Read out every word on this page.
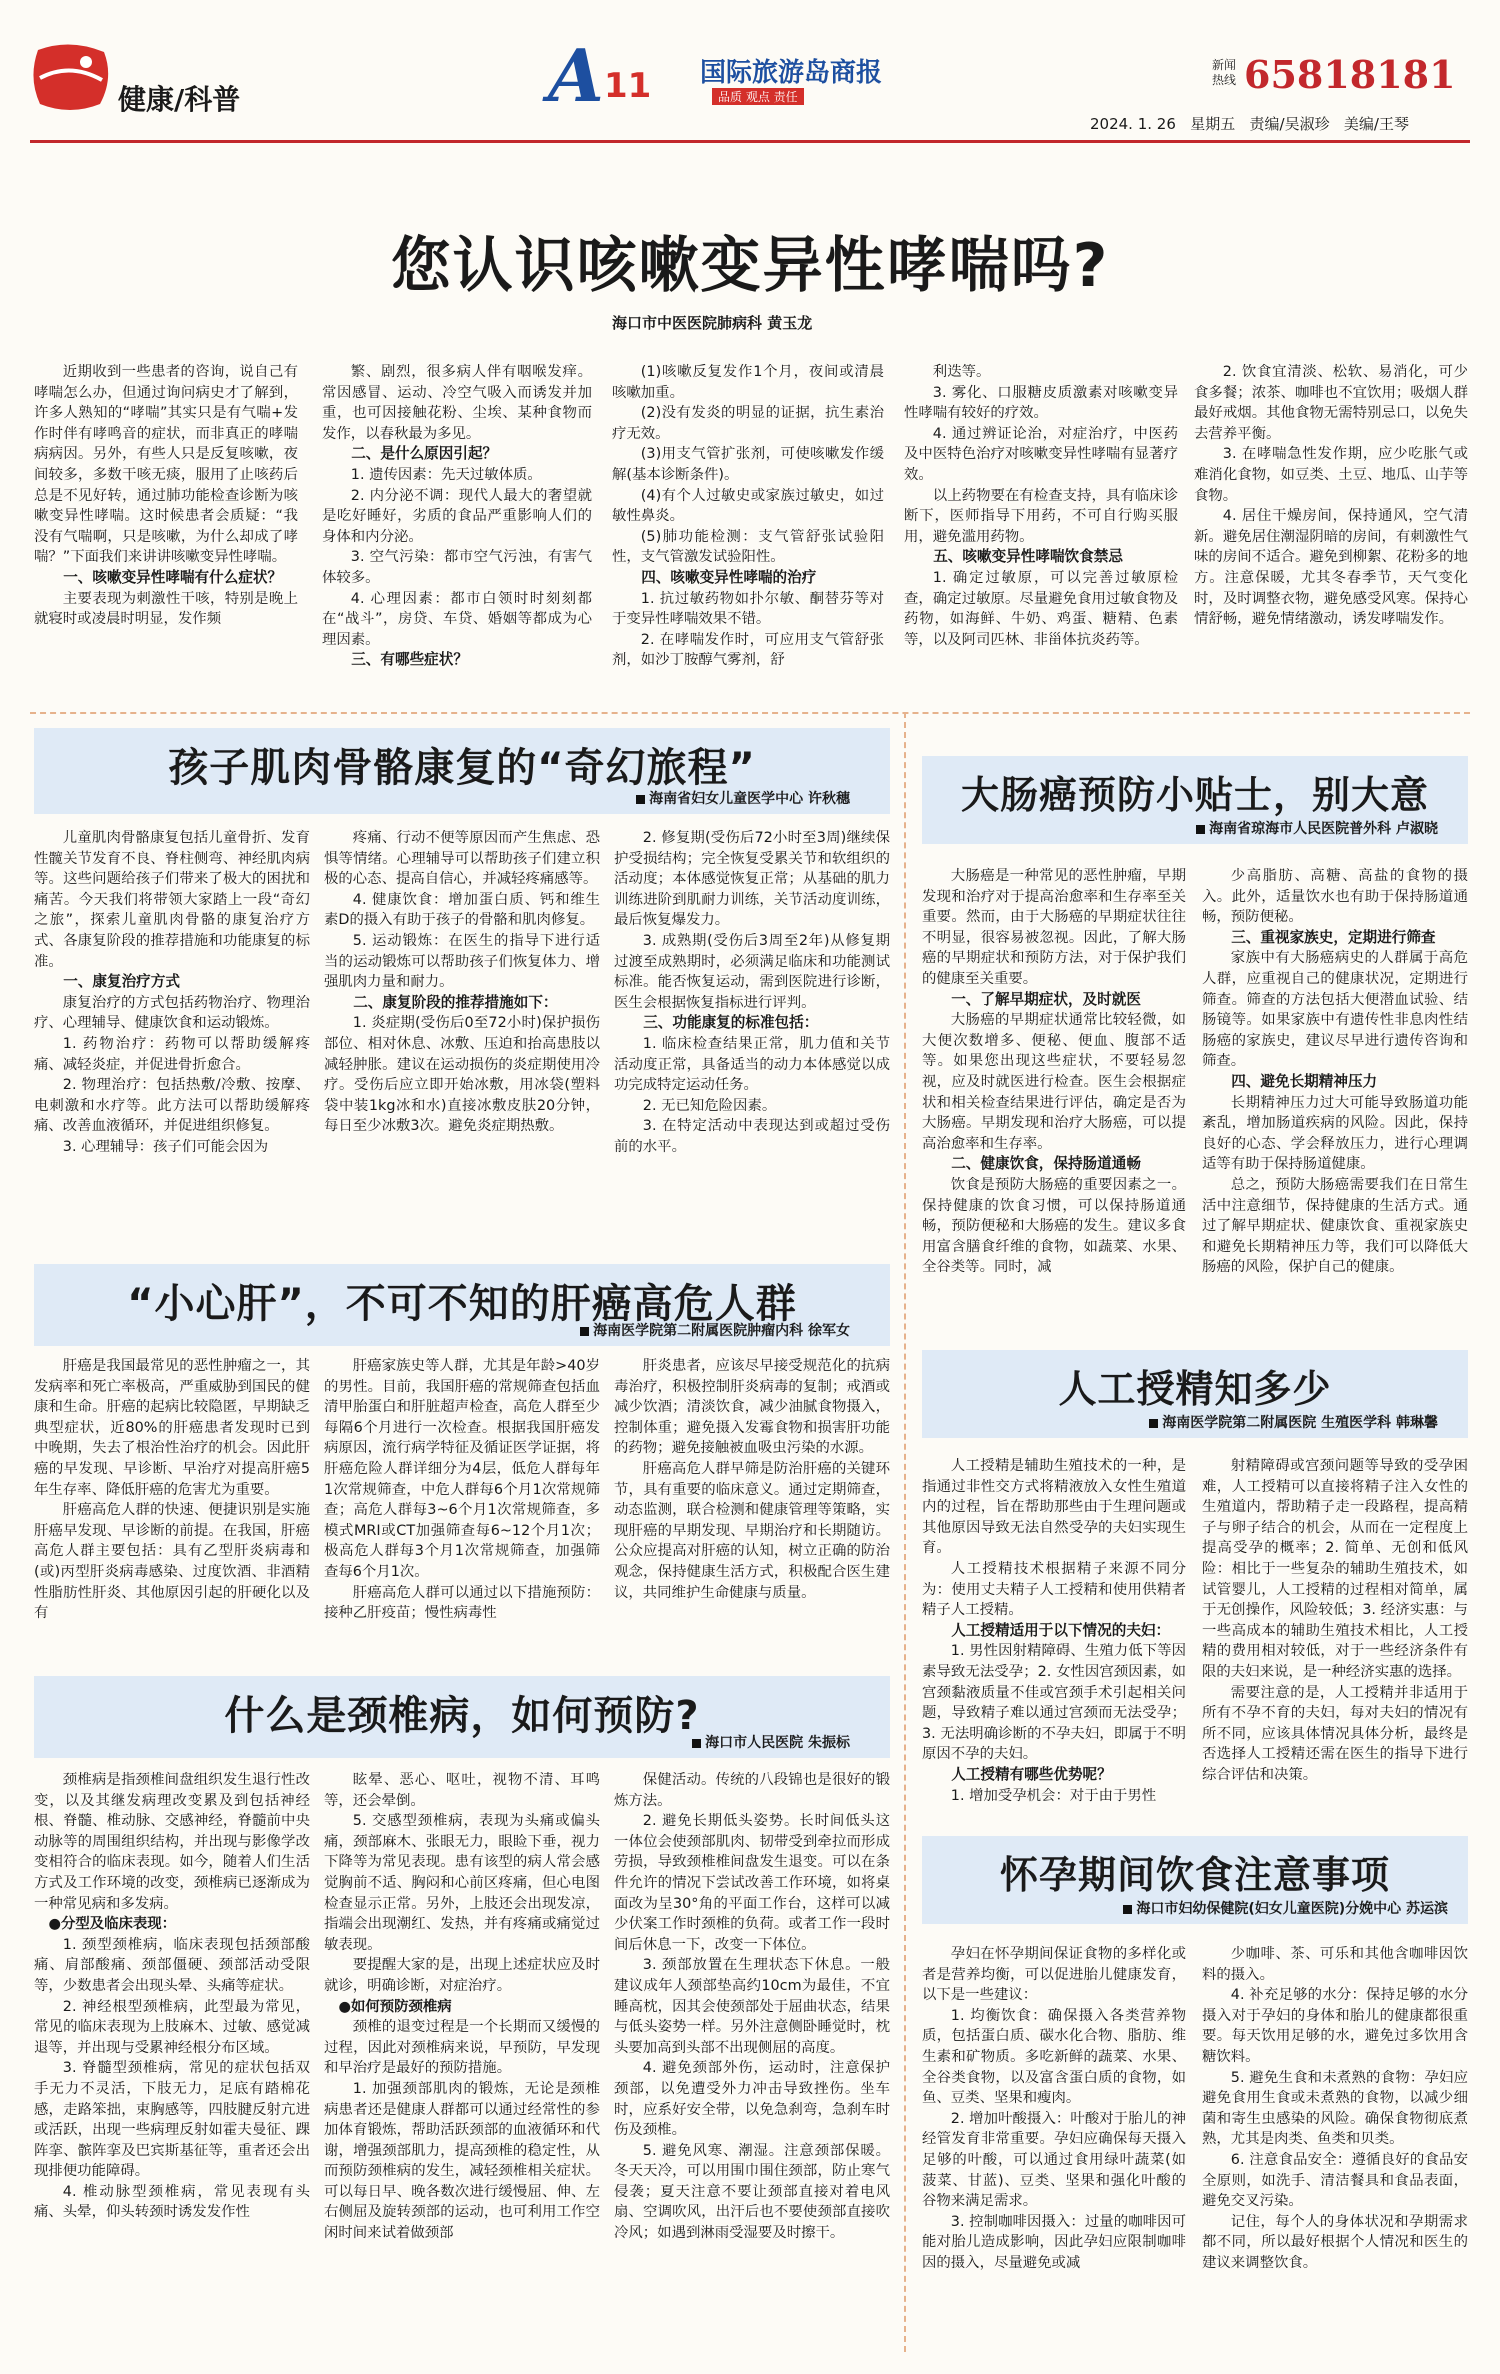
健康/科普	A 11 国际旅游岛商报
品质 观点 责任
新闻
热线 65818181
2024. 1. 26 星期五 责编/吴淑珍 美编/王琴
您认识咳嗽变异性哮喘吗?
海口市中医医院肺病科 黄玉龙

近期收到一些患者的咨询，说自己有哮喘怎么办，但通过询问病史才了解到，许多人熟知的“哮喘”其实只是有气喘+发作时伴有哮鸣音的症状，而非真正的哮喘病病因。另外，有些人只是反复咳嗽，夜间较多，多数干咳无痰，服用了止咳药后总是不见好转，通过肺功能检查诊断为咳嗽变异性哮喘。这时候患者会质疑：“我没有气喘啊，只是咳嗽，为什么却成了哮喘？”下面我们来讲讲咳嗽变异性哮喘。

一、咳嗽变异性哮喘有什么症状？

主要表现为刺激性干咳，特别是晚上就寝时或凌晨时明显，发作频

繁、剧烈，很多病人伴有咽喉发痒。常因感冒、运动、冷空气吸入而诱发并加重，也可因接触花粉、尘埃、某种食物而发作，以春秋最为多见。

二、是什么原因引起？

1. 遗传因素：先天过敏体质。

2. 内分泌不调：现代人最大的奢望就是吃好睡好，劣质的食品严重影响人们的身体和内分泌。

3. 空气污染：都市空气污浊，有害气体较多。

4. 心理因素：都市白领时时刻刻都在“战斗”，房贷、车贷、婚姻等都成为心理因素。

三、有哪些症状？

(1)咳嗽反复发作1个月，夜间或清晨咳嗽加重。

(2)没有发炎的明显的证据，抗生素治疗无效。

(3)用支气管扩张剂，可使咳嗽发作缓解(基本诊断条件)。

(4)有个人过敏史或家族过敏史，如过敏性鼻炎。

(5)肺功能检测：支气管舒张试验阳性，支气管激发试验阳性。

四、咳嗽变异性哮喘的治疗

1. 抗过敏药物如扑尔敏、酮替芬等对于变异性哮喘效果不错。

2. 在哮喘发作时，可应用支气管舒张剂，如沙丁胺醇气雾剂，舒

利迭等。

3. 雾化、口服糖皮质激素对咳嗽变异性哮喘有较好的疗效。

4. 通过辨证论治，对症治疗，中医药及中医特色治疗对咳嗽变异性哮喘有显著疗效。

以上药物要在有检查支持，具有临床诊断下，医师指导下用药，不可自行购买服用，避免滥用药物。

五、咳嗽变异性哮喘饮食禁忌

1. 确定过敏原，可以完善过敏原检查，确定过敏原。尽量避免食用过敏食物及药物，如海鲜、牛奶、鸡蛋、糖精、色素等，以及阿司匹林、非甾体抗炎药等。

2. 饮食宜清淡、松软、易消化，可少食多餐；浓茶、咖啡也不宜饮用；吸烟人群最好戒烟。其他食物无需特别忌口，以免失去营养平衡。

3. 在哮喘急性发作期，应少吃胀气或难消化食物，如豆类、土豆、地瓜、山芋等食物。

4. 居住干燥房间，保持通风，空气清新。避免居住潮湿阴暗的房间，有刺激性气味的房间不适合。避免到柳絮、花粉多的地方。注意保暖，尤其冬春季节，天气变化时，及时调整衣物，避免感受风寒。保持心情舒畅，避免情绪激动，诱发哮喘发作。

孩子肌肉骨骼康复的“奇幻旅程”
海南省妇女儿童医学中心 许秋穗

儿童肌肉骨骼康复包括儿童骨折、发育性髋关节发育不良、脊柱侧弯、神经肌肉病等。这些问题给孩子们带来了极大的困扰和痛苦。今天我们将带领大家踏上一段“奇幻之旅”，探索儿童肌肉骨骼的康复治疗方式、各康复阶段的推荐措施和功能康复的标准。

一、康复治疗方式

康复治疗的方式包括药物治疗、物理治疗、心理辅导、健康饮食和运动锻炼。

1. 药物治疗：药物可以帮助缓解疼痛、减轻炎症，并促进骨折愈合。

2. 物理治疗：包括热敷/冷敷、按摩、电刺激和水疗等。此方法可以帮助缓解疼痛、改善血液循环，并促进组织修复。

3. 心理辅导：孩子们可能会因为

疼痛、行动不便等原因而产生焦虑、恐惧等情绪。心理辅导可以帮助孩子们建立积极的心态、提高自信心，并减轻疼痛感等。

4. 健康饮食：增加蛋白质、钙和维生素D的摄入有助于孩子的骨骼和肌肉修复。

5. 运动锻炼：在医生的指导下进行适当的运动锻炼可以帮助孩子们恢复体力、增强肌肉力量和耐力。

二、康复阶段的推荐措施如下：

1. 炎症期(受伤后0至72小时)保护损伤部位、相对休息、冰敷、压迫和抬高患肢以减轻肿胀。建议在运动损伤的炎症期使用冷疗。受伤后应立即开始冰敷，用冰袋(塑料袋中装1kg冰和水)直接冰敷皮肤20分钟，每日至少冰敷3次。避免炎症期热敷。

2. 修复期(受伤后72小时至3周)继续保护受损结构；完全恢复受累关节和软组织的活动度；本体感觉恢复正常；从基础的肌力训练进阶到肌耐力训练，关节活动度训练，最后恢复爆发力。

3. 成熟期(受伤后3周至2年)从修复期过渡至成熟期时，必须满足临床和功能测试标准。能否恢复运动，需到医院进行诊断，医生会根据恢复指标进行评判。

三、功能康复的标准包括：

1. 临床检查结果正常，肌力值和关节活动度正常，具备适当的动力本体感觉以成功完成特定运动任务。

2. 无已知危险因素。

3. 在特定活动中表现达到或超过受伤前的水平。

“小心肝”，不可不知的肝癌高危人群
海南医学院第二附属医院肿瘤内科 徐军女

肝癌是我国最常见的恶性肿瘤之一，其发病率和死亡率极高，严重威胁到国民的健康和生命。肝癌的起病比较隐匿，早期缺乏典型症状，近80%的肝癌患者发现时已到中晚期，失去了根治性治疗的机会。因此肝癌的早发现、早诊断、早治疗对提高肝癌5年生存率、降低肝癌的危害尤为重要。

肝癌高危人群的快速、便捷识别是实施肝癌早发现、早诊断的前提。在我国，肝癌高危人群主要包括：具有乙型肝炎病毒和(或)丙型肝炎病毒感染、过度饮酒、非酒精性脂肪性肝炎、其他原因引起的肝硬化以及有

肝癌家族史等人群，尤其是年龄>40岁的男性。目前，我国肝癌的常规筛查包括血清甲胎蛋白和肝脏超声检查，高危人群至少每隔6个月进行一次检查。根据我国肝癌发病原因，流行病学特征及循证医学证据，将肝癌危险人群详细分为4层，低危人群每年1次常规筛查，中危人群每6个月1次常规筛查；高危人群每3~6个月1次常规筛查，多模式MRI或CT加强筛查每6~12个月1次；极高危人群每3个月1次常规筛查，加强筛查每6个月1次。

肝癌高危人群可以通过以下措施预防：接种乙肝疫苗；慢性病毒性

肝炎患者，应该尽早接受规范化的抗病毒治疗，积极控制肝炎病毒的复制；戒酒或减少饮酒；清淡饮食，减少油腻食物摄入，控制体重；避免摄入发霉食物和损害肝功能的药物；避免接触被血吸虫污染的水源。

肝癌高危人群早筛是防治肝癌的关键环节，具有重要的临床意义。通过定期筛查，动态监测，联合检测和健康管理等策略，实现肝癌的早期发现、早期治疗和长期随访。公众应提高对肝癌的认知，树立正确的防治观念，保持健康生活方式，积极配合医生建议，共同维护生命健康与质量。

什么是颈椎病，如何预防?
海口市人民医院 朱振标

颈椎病是指颈椎间盘组织发生退行性改变，以及其继发病理改变累及到包括神经根、脊髓、椎动脉、交感神经，脊髓前中央动脉等的周围组织结构，并出现与影像学改变相符合的临床表现。如今，随着人们生活方式及工作环境的改变，颈椎病已逐渐成为一种常见病和多发病。

●分型及临床表现：

1. 颈型颈椎病，临床表现包括颈部酸痛、肩部酸痛、颈部僵硬、颈部活动受限等，少数患者会出现头晕、头痛等症状。

2. 神经根型颈椎病，此型最为常见，常见的临床表现为上肢麻木、过敏、感觉减退等，并出现与受累神经根分布区域。

3. 脊髓型颈椎病，常见的症状包括双手无力不灵活，下肢无力，足底有踏棉花感，走路笨拙，束胸感等，四肢腱反射亢进或活跃，出现一些病理反射如霍夫曼征、踝阵挛、髌阵挛及巴宾斯基征等，重者还会出现排便功能障碍。

4. 椎动脉型颈椎病，常见表现有头痛、头晕，仰头转颈时诱发发作性

眩晕、恶心、呕吐，视物不清、耳鸣等，还会晕倒。

5. 交感型颈椎病，表现为头痛或偏头痛，颈部麻木、张眼无力，眼睑下垂，视力下降等为常见表现。患有该型的病人常会感觉胸前不适、胸闷和心前区疼痛，但心电图检查显示正常。另外，上肢还会出现发凉，指端会出现潮红、发热，并有疼痛或痛觉过敏表现。

要提醒大家的是，出现上述症状应及时就诊，明确诊断，对症治疗。

●如何预防颈椎病

颈椎的退变过程是一个长期而又缓慢的过程，因此对颈椎病来说，早预防，早发现和早治疗是最好的预防措施。

1. 加强颈部肌肉的锻炼，无论是颈椎病患者还是健康人群都可以通过经常性的参加体育锻炼，帮助活跃颈部的血液循环和代谢，增强颈部肌力，提高颈椎的稳定性，从而预防颈椎病的发生，减轻颈椎相关症状。可以每日早、晚各数次进行缓慢屈、伸、左右侧屈及旋转颈部的运动，也可利用工作空闲时间来试着做颈部

保健活动。传统的八段锦也是很好的锻炼方法。

2. 避免长期低头姿势。长时间低头这一体位会使颈部肌肉、韧带受到牵拉而形成劳损，导致颈椎椎间盘发生退变。可以在条件允许的情况下尝试改善工作环境，如将桌面改为呈30°角的平面工作台，这样可以减少伏案工作时颈椎的负荷。或者工作一段时间后休息一下，改变一下体位。

3. 颈部放置在生理状态下休息。一般建议成年人颈部垫高约10cm为最佳，不宜睡高枕，因其会使颈部处于屈曲状态，结果与低头姿势一样。另外注意侧卧睡觉时，枕头要加高到头部不出现侧屈的高度。

4. 避免颈部外伤，运动时，注意保护颈部，以免遭受外力冲击导致挫伤。坐车时，应系好安全带，以免急刹弯，急刹车时伤及颈椎。

5. 避免风寒、潮湿。注意颈部保暖。冬天天冷，可以用围巾围住颈部，防止寒气侵袭；夏天注意不要让颈部直接对着电风扇、空调吹风，出汗后也不要使颈部直接吹冷风；如遇到淋雨受湿要及时擦干。

大肠癌预防小贴士，别大意
海南省琼海市人民医院普外科 卢淑晓

大肠癌是一种常见的恶性肿瘤，早期发现和治疗对于提高治愈率和生存率至关重要。然而，由于大肠癌的早期症状往往不明显，很容易被忽视。因此，了解大肠癌的早期症状和预防方法，对于保护我们的健康至关重要。

一、了解早期症状，及时就医

大肠癌的早期症状通常比较轻微，如大便次数增多、便秘、便血、腹部不适等。如果您出现这些症状，不要轻易忽视，应及时就医进行检查。医生会根据症状和相关检查结果进行评估，确定是否为大肠癌。早期发现和治疗大肠癌，可以提高治愈率和生存率。

二、健康饮食，保持肠道通畅

饮食是预防大肠癌的重要因素之一。保持健康的饮食习惯，可以保持肠道通畅，预防便秘和大肠癌的发生。建议多食用富含膳食纤维的食物，如蔬菜、水果、全谷类等。同时，减

少高脂肪、高糖、高盐的食物的摄入。此外，适量饮水也有助于保持肠道通畅，预防便秘。

三、重视家族史，定期进行筛查

家族中有大肠癌病史的人群属于高危人群，应重视自己的健康状况，定期进行筛查。筛查的方法包括大便潜血试验、结肠镜等。如果家族中有遗传性非息肉性结肠癌的家族史，建议尽早进行遗传咨询和筛查。

四、避免长期精神压力

长期精神压力过大可能导致肠道功能紊乱，增加肠道疾病的风险。因此，保持良好的心态、学会释放压力，进行心理调适等有助于保持肠道健康。

总之，预防大肠癌需要我们在日常生活中注意细节，保持健康的生活方式。通过了解早期症状、健康饮食、重视家族史和避免长期精神压力等，我们可以降低大肠癌的风险，保护自己的健康。

人工授精知多少
海南医学院第二附属医院 生殖医学科 韩琳馨

人工授精是辅助生殖技术的一种，是指通过非性交方式将精液放入女性生殖道内的过程，旨在帮助那些由于生理问题或其他原因导致无法自然受孕的夫妇实现生育。

人工授精技术根据精子来源不同分为：使用丈夫精子人工授精和使用供精者精子人工授精。

人工授精适用于以下情况的夫妇：

1. 男性因射精障碍、生殖力低下等因素导致无法受孕；2. 女性因宫颈因素，如宫颈黏液质量不佳或宫颈手术引起相关问题，导致精子难以通过宫颈而无法受孕；3. 无法明确诊断的不孕夫妇，即属于不明原因不孕的夫妇。

人工授精有哪些优势呢？

1. 增加受孕机会：对于由于男性

射精障碍或宫颈问题等导致的受孕困难，人工授精可以直接将精子注入女性的生殖道内，帮助精子走一段路程，提高精子与卵子结合的机会，从而在一定程度上提高受孕的概率；2. 简单、无创和低风险：相比于一些复杂的辅助生殖技术，如试管婴儿，人工授精的过程相对简单，属于无创操作，风险较低；3. 经济实惠：与一些高成本的辅助生殖技术相比，人工授精的费用相对较低，对于一些经济条件有限的夫妇来说，是一种经济实惠的选择。

需要注意的是，人工授精并非适用于所有不孕不育的夫妇，每对夫妇的情况有所不同，应该具体情况具体分析，最终是否选择人工授精还需在医生的指导下进行综合评估和决策。

怀孕期间饮食注意事项
海口市妇幼保健院(妇女儿童医院)分娩中心 苏运滨

孕妇在怀孕期间保证食物的多样化或者是营养均衡，可以促进胎儿健康发育，以下是一些建议：

1. 均衡饮食：确保摄入各类营养物质，包括蛋白质、碳水化合物、脂肪、维生素和矿物质。多吃新鲜的蔬菜、水果、全谷类食物，以及富含蛋白质的食物，如鱼、豆类、坚果和瘦肉。

2. 增加叶酸摄入：叶酸对于胎儿的神经管发育非常重要。孕妇应确保每天摄入足够的叶酸，可以通过食用绿叶蔬菜(如菠菜、甘蓝)、豆类、坚果和强化叶酸的谷物来满足需求。

3. 控制咖啡因摄入：过量的咖啡因可能对胎儿造成影响，因此孕妇应限制咖啡因的摄入，尽量避免或减

少咖啡、茶、可乐和其他含咖啡因饮料的摄入。

4. 补充足够的水分：保持足够的水分摄入对于孕妇的身体和胎儿的健康都很重要。每天饮用足够的水，避免过多饮用含糖饮料。

5. 避免生食和未煮熟的食物：孕妇应避免食用生食或未煮熟的食物，以减少细菌和寄生虫感染的风险。确保食物彻底煮熟，尤其是肉类、鱼类和贝类。

6. 注意食品安全：遵循良好的食品安全原则，如洗手、清洁餐具和食品表面，避免交叉污染。

记住，每个人的身体状况和孕期需求都不同，所以最好根据个人情况和医生的建议来调整饮食。
